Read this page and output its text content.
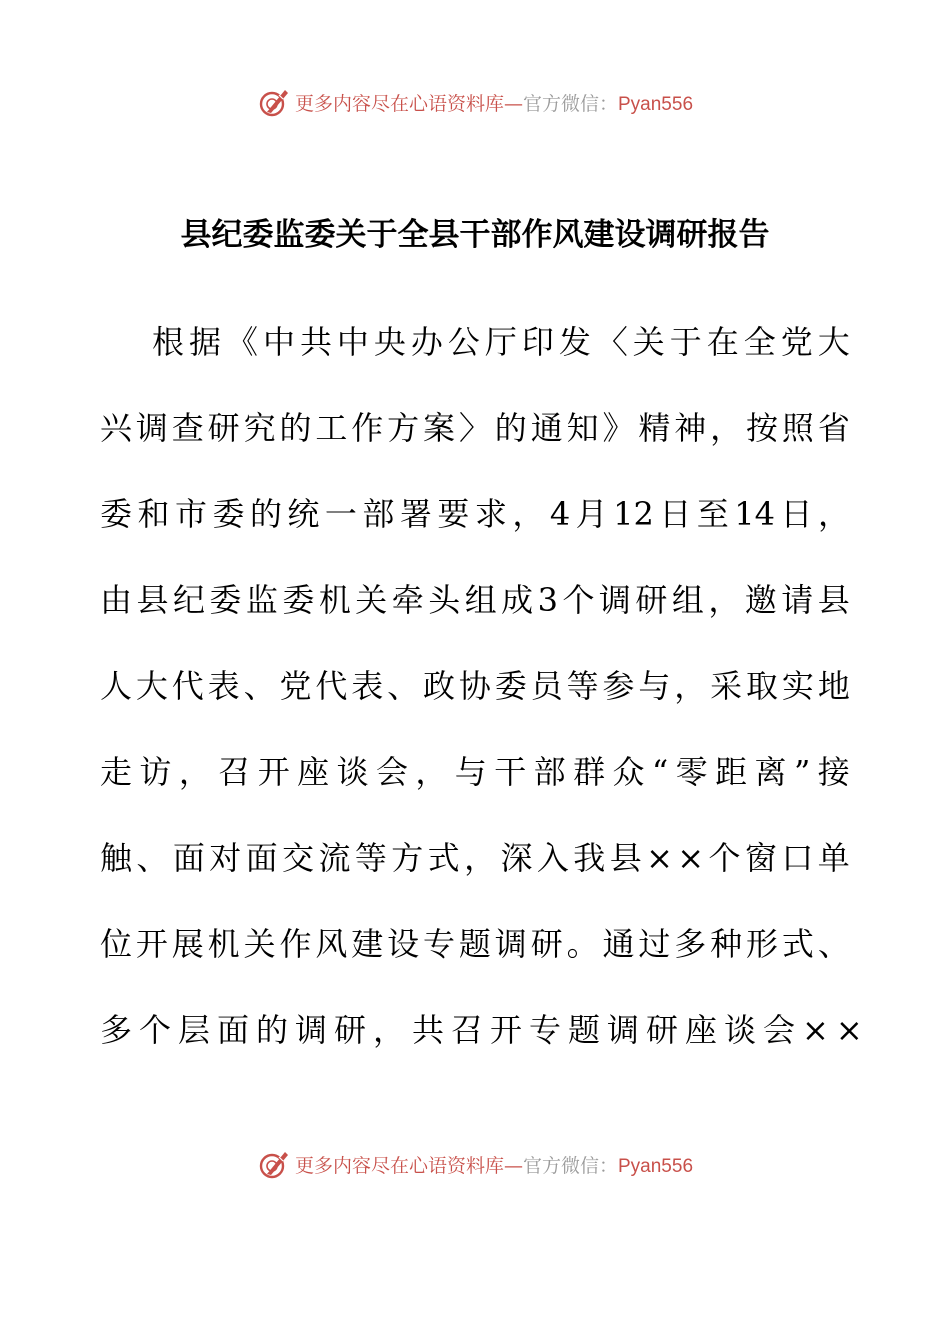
更多内容尽在心语资料库—官方微信：Pyan556
县纪委监委关于全县干部作风建设调研报告
根 据 《 中 共 中 央 办 公 厅 印 发 〈 关 于 在 全 党 大
兴 调 查 研 究 的 工 作 方 案 〉 的 通 知 》 精 神 ， 按 照 省
委 和 市 委 的 统 一 部 署 要 求 ， 4 月 12 日 至 14 日 ，
由 县 纪 委 监 委 机 关 牵 头 组 成 3 个 调 研 组 ， 邀 请 县
人 大 代 表 、 党 代 表 、 政 协 委 员 等 参 与 ， 采 取 实 地
走 访 ， 召 开 座 谈 会 ， 与 干 部 群 众 “ 零 距 离 ” 接
触 、 面 对 面 交 流 等 方 式 ， 深 入 我 县 × × 个 窗 口 单
位 开 展 机 关 作 风 建 设 专 题 调 研 。 通 过 多 种 形 式 、
多个层面的调研，共召开专题调研座谈会××
更多内容尽在心语资料库—官方微信：Pyan556
